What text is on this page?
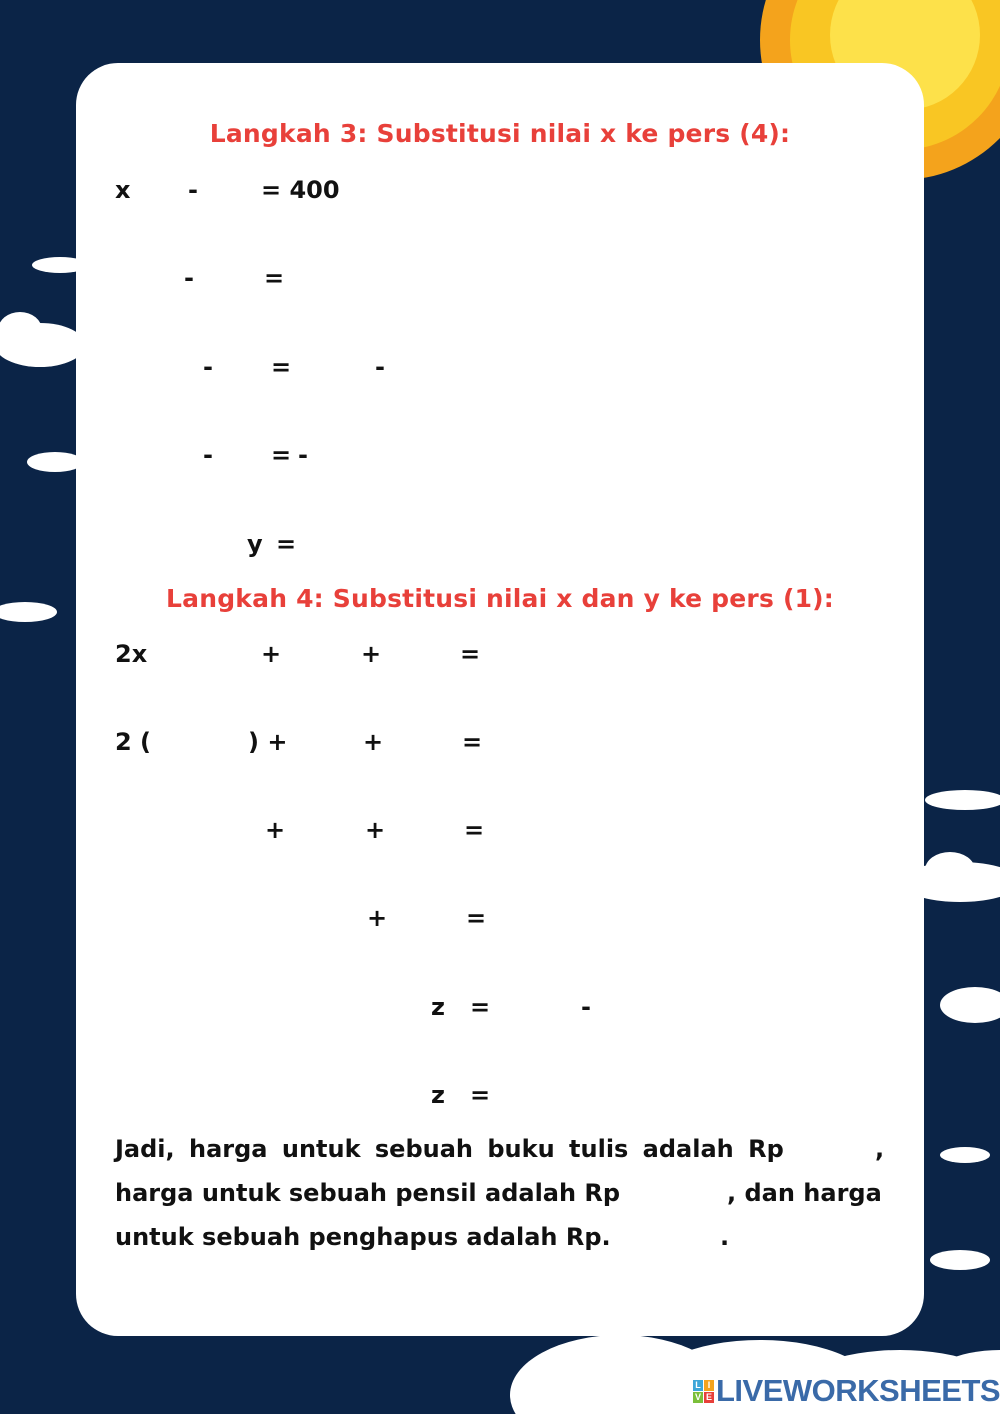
Langkah 3: Substitusi nilai x ke pers (4):
x -	= 400
-	=
- =	-
- = -
y =
Langkah 4: Substitusi nilai x dan y ke pers (1):
2x	+	+	=
2 (	) +	+	=
+	+	=
+	=
z =	-
z =
Jadi, harga untuk sebuah buku tulis adalah Rp	,
harga untuk sebuah pensil adalah Rp	, dan harga
untuk sebuah penghapus adalah Rp.	.
L I
V E LIVEWORKSHEETS
